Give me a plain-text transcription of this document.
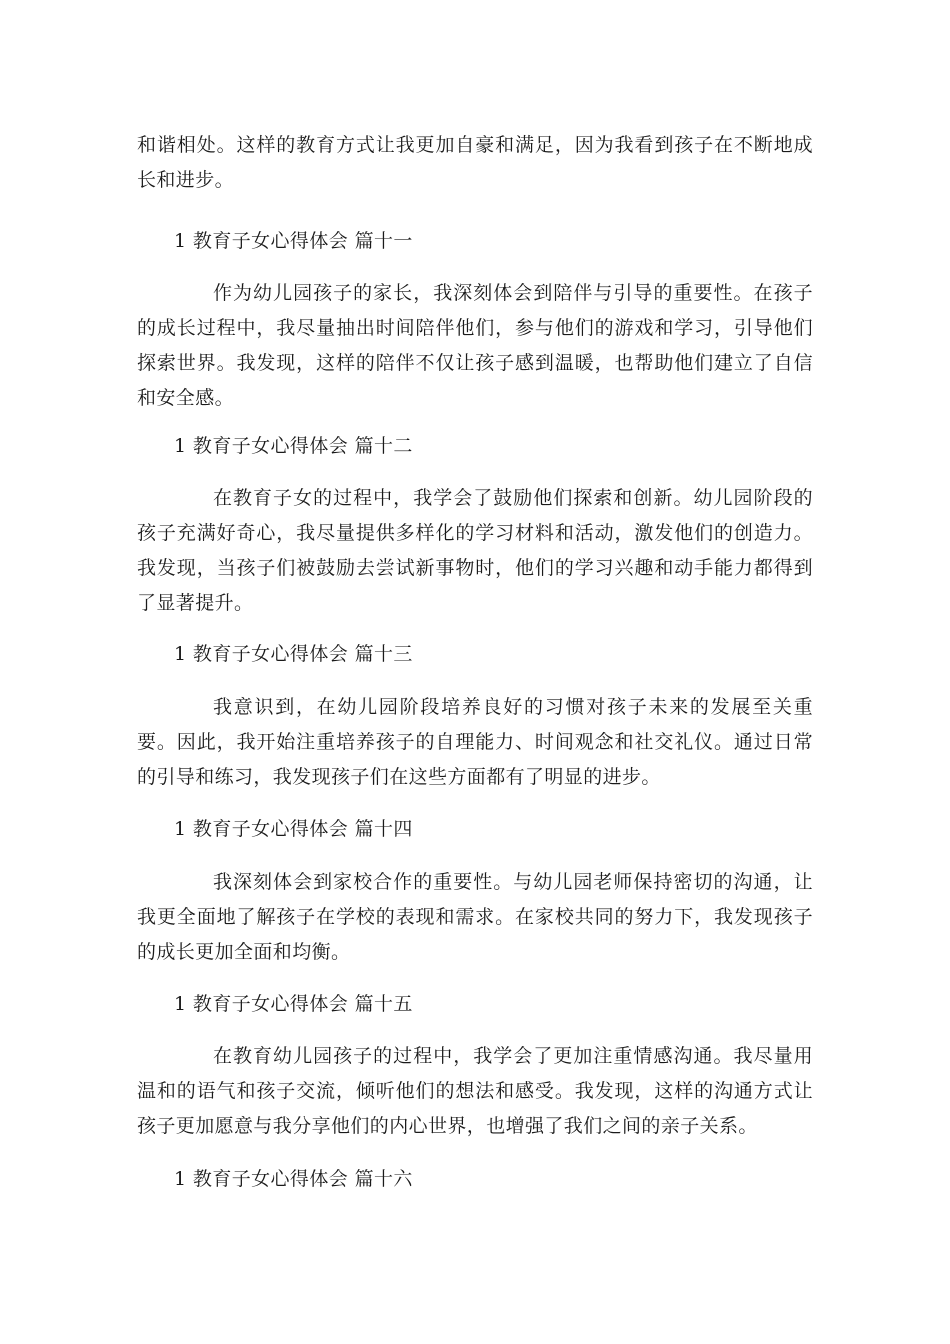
和谐相处。这样的教育方式让我更加自豪和满足，因为我看到孩子在不断地成长和进步。

1 教育子女心得体会 篇十一

作为幼儿园孩子的家长，我深刻体会到陪伴与引导的重要性。在孩子的成长过程中，我尽量抽出时间陪伴他们，参与他们的游戏和学习，引导他们探索世界。我发现，这样的陪伴不仅让孩子感到温暖，也帮助他们建立了自信和安全感。

1 教育子女心得体会 篇十二

在教育子女的过程中，我学会了鼓励他们探索和创新。幼儿园阶段的孩子充满好奇心，我尽量提供多样化的学习材料和活动，激发他们的创造力。我发现，当孩子们被鼓励去尝试新事物时，他们的学习兴趣和动手能力都得到了显著提升。

1 教育子女心得体会 篇十三

我意识到，在幼儿园阶段培养良好的习惯对孩子未来的发展至关重要。因此，我开始注重培养孩子的自理能力、时间观念和社交礼仪。通过日常的引导和练习，我发现孩子们在这些方面都有了明显的进步。

1 教育子女心得体会 篇十四

我深刻体会到家校合作的重要性。与幼儿园老师保持密切的沟通，让我更全面地了解孩子在学校的表现和需求。在家校共同的努力下，我发现孩子的成长更加全面和均衡。

1 教育子女心得体会 篇十五

在教育幼儿园孩子的过程中，我学会了更加注重情感沟通。我尽量用温和的语气和孩子交流，倾听他们的想法和感受。我发现，这样的沟通方式让孩子更加愿意与我分享他们的内心世界，也增强了我们之间的亲子关系。

1 教育子女心得体会 篇十六
